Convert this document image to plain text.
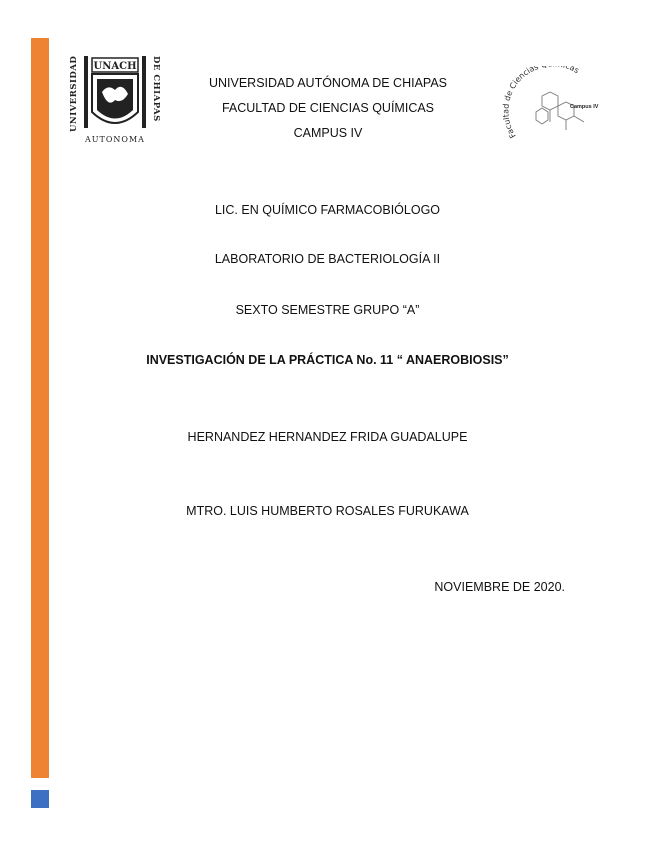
UNIVERSIDAD	DE CHIAPAS
UNACH
AUTONOMA	Facultad de Ciencias cas
Campus IV
UNIVERSIDAD AUTÓNOMA DE CHIAPAS
FACULTAD DE CIENCIAS QUÍMICAS
CAMPUS IV
LIC. EN QUÍMICO FARMACOBIÓLOGO
LABORATORIO DE BACTERIOLOGÍA II
SEXTO SEMESTRE GRUPO “A”
INVESTIGACIÓN DE LA PRÁCTICA No. 11 “ ANAEROBIOSIS”
HERNANDEZ HERNANDEZ FRIDA GUADALUPE
MTRO. LUIS HUMBERTO ROSALES FURUKAWA
NOVIEMBRE DE 2020.
